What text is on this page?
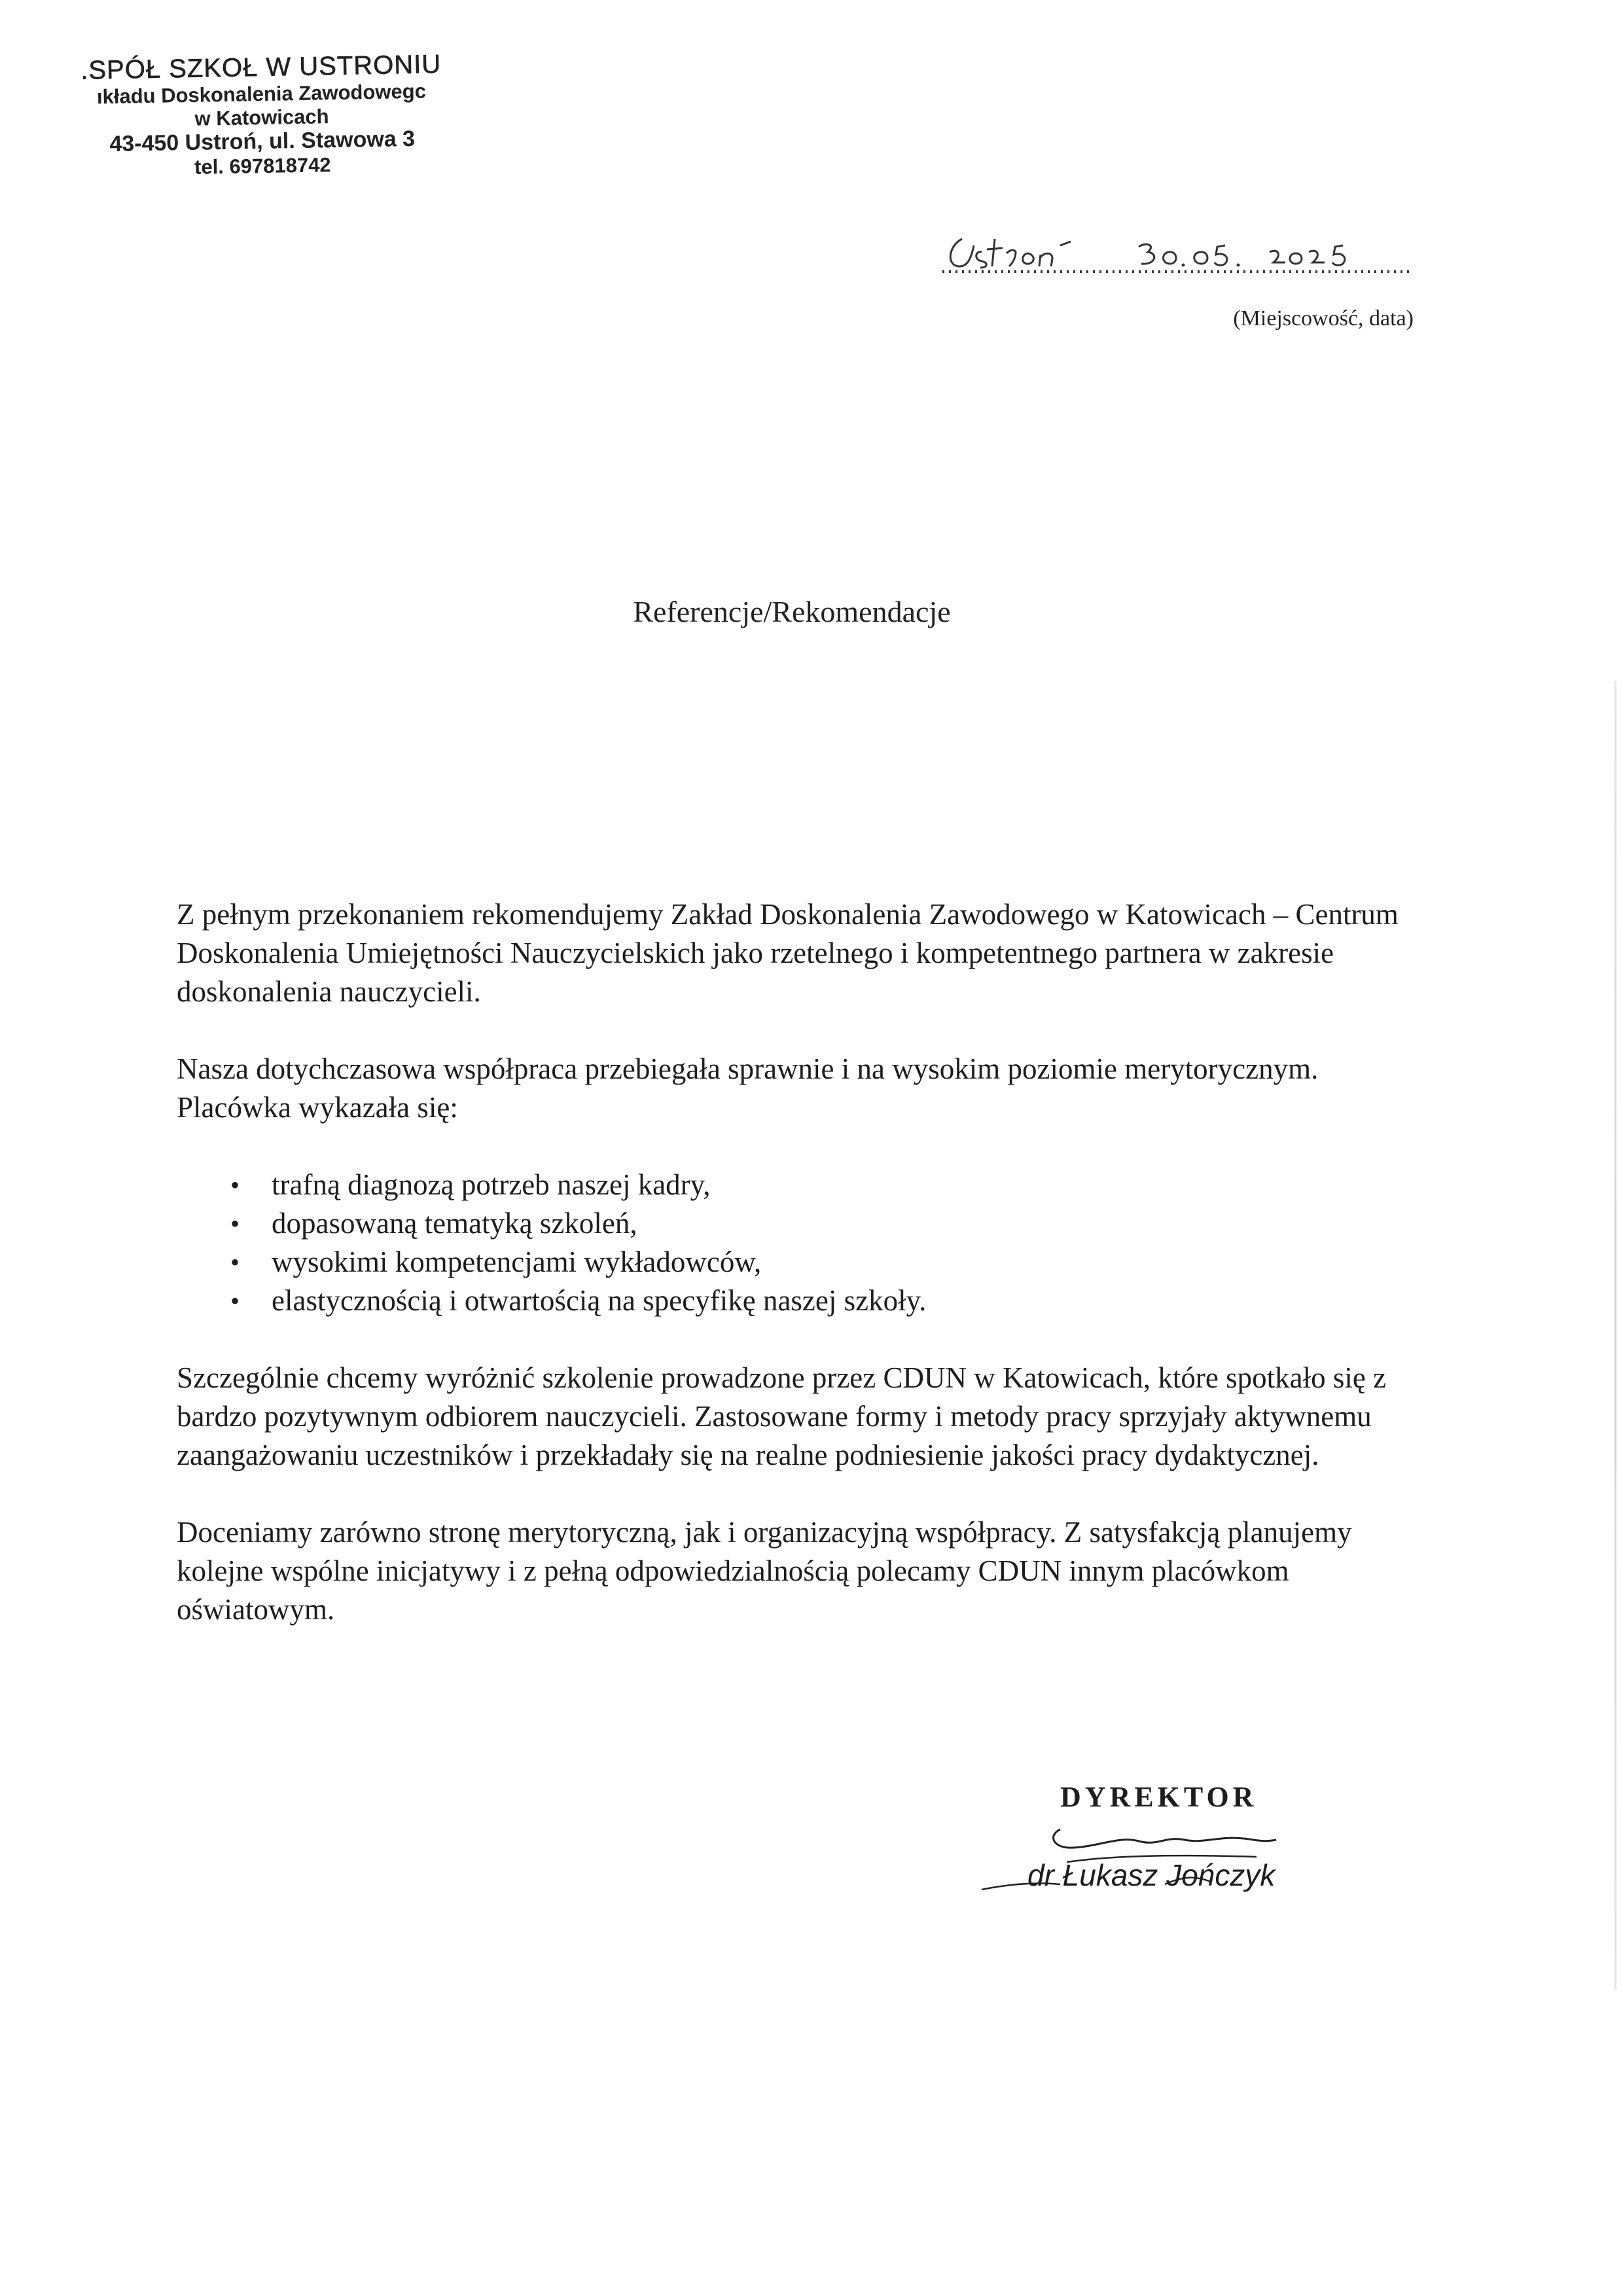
.SPÓŁ SZKOŁ W USTRONIU
ıkładu Doskonalenia Zawodowegc
w Katowicach
43-450 Ustroń, ul. Stawowa 3
tel. 697818742
(Miejscowość, data)
Referencje/Rekomendacje

Z pełnym przekonaniem rekomendujemy Zakład Doskonalenia Zawodowego w Katowicach – Centrum Doskonalenia Umiejętności Nauczycielskich jako rzetelnego i kompetentnego partnera w zakresie doskonalenia nauczycieli.

Nasza dotychczasowa współpraca przebiegała sprawnie i na wysokim poziomie merytorycznym. Placówka wykazała się:

• trafną diagnozą potrzeb naszej kadry,
• dopasowaną tematyką szkoleń,
• wysokimi kompetencjami wykładowców,
• elastycznością i otwartością na specyfikę naszej szkoły.

Szczególnie chcemy wyróżnić szkolenie prowadzone przez CDUN w Katowicach, które spotkało się z bardzo pozytywnym odbiorem nauczycieli. Zastosowane formy i metody pracy sprzyjały aktywnemu zaangażowaniu uczestników i przekładały się na realne podniesienie jakości pracy dydaktycznej.

Doceniamy zarówno stronę merytoryczną, jak i organizacyjną współpracy. Z satysfakcją planujemy kolejne wspólne inicjatywy i z pełną odpowiedzialnością polecamy CDUN innym placówkom oświatowym.

DYREKTOR
dr Łukasz Jończyk
